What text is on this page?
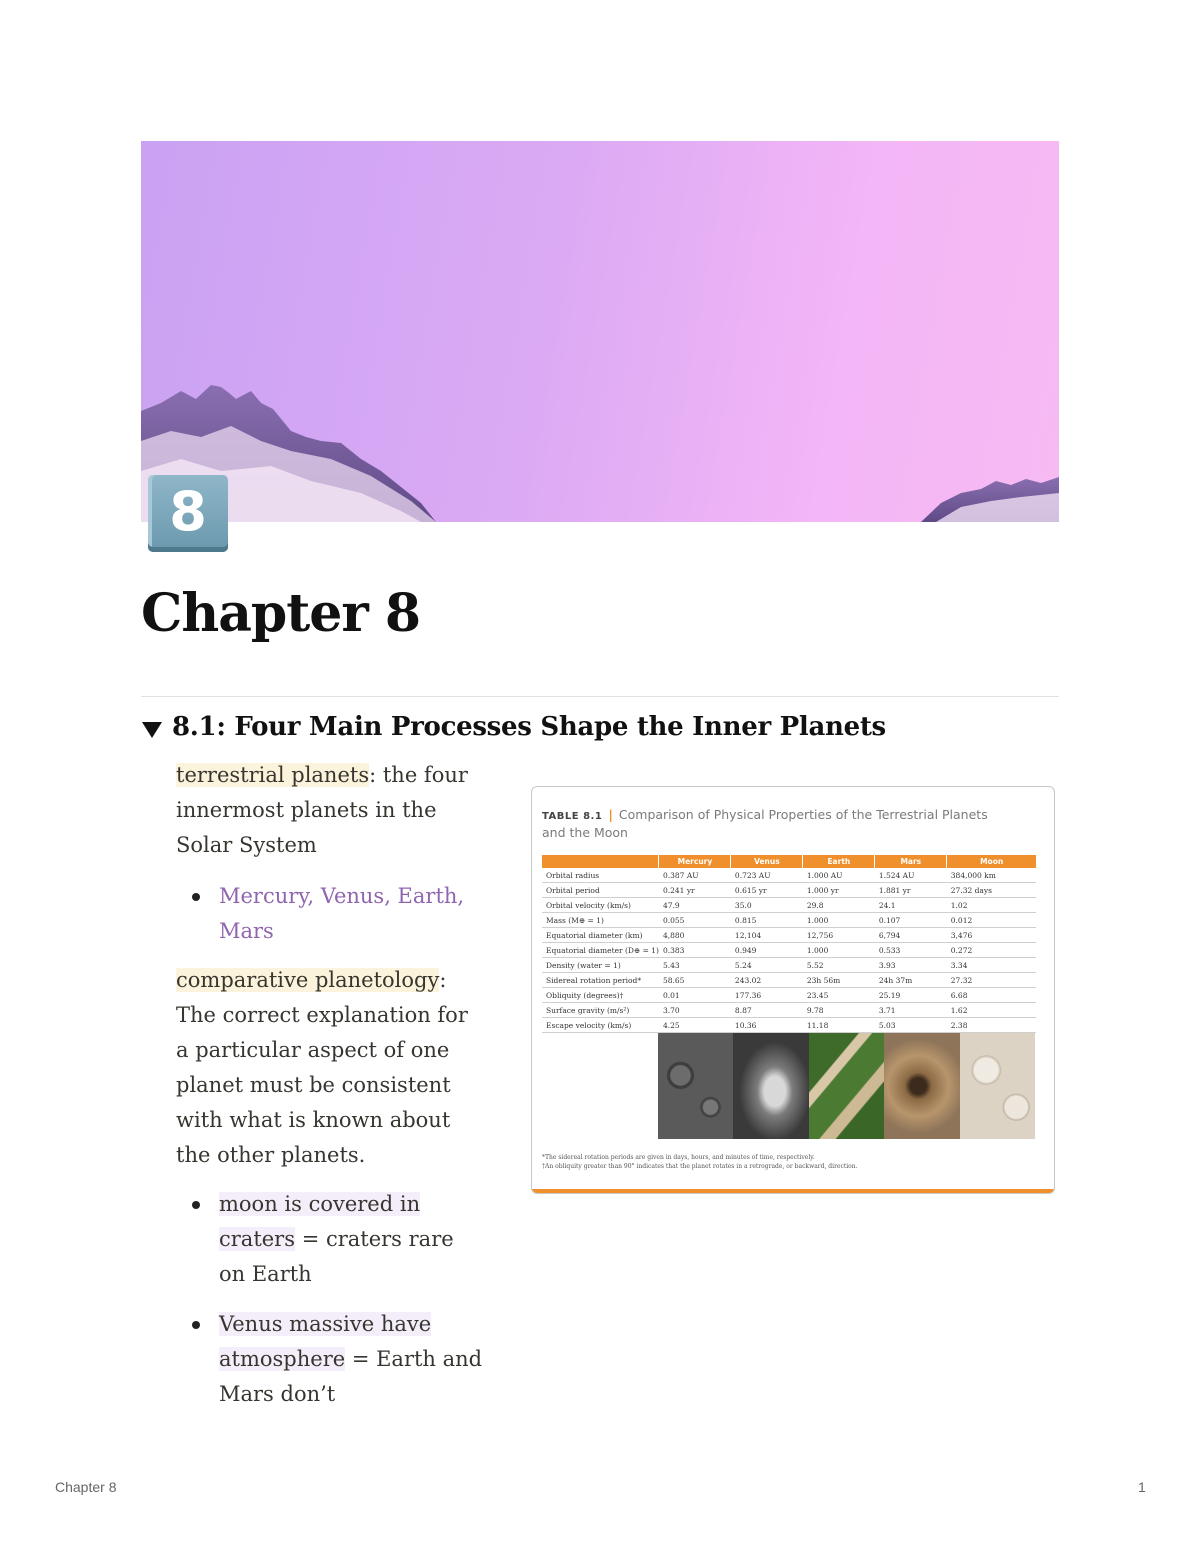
8
Chapter 8
8.1: Four Main Processes Shape the Inner Planets

terrestrial planets: the four innermost planets in the Solar System

Mercury, Venus, Earth, Mars

comparative planetology: The correct explanation for a particular aspect of one planet must be consistent with what is known about the other planets.

moon is covered in craters = craters rare on Earth
Venus massive have atmosphere = Earth and Mars don’t
TABLE 8.1 | Comparison of Physical Properties of the Terrestrial Planets and the Moon
	Mercury	Venus	Earth	Mars	Moon
Orbital radius	0.387 AU	0.723 AU	1.000 AU	1.524 AU	384,000 km
Orbital period	0.241 yr	0.615 yr	1.000 yr	1.881 yr	27.32 days
Orbital velocity (km/s)	47.9	35.0	29.8	24.1	1.02
Mass (M⊕ = 1)	0.055	0.815	1.000	0.107	0.012
Equatorial diameter (km)	4,880	12,104	12,756	6,794	3,476
Equatorial diameter (D⊕ = 1)	0.383	0.949	1.000	0.533	0.272
Density (water = 1)	5.43	5.24	5.52	3.93	3.34
Sidereal rotation period*	58.65	243.02	23h 56m	24h 37m	27.32
Obliquity (degrees)†	0.01	177.36	23.45	25.19	6.68
Surface gravity (m/s²)	3.70	8.87	9.78	3.71	1.62
Escape velocity (km/s)	4.25	10.36	11.18	5.03	2.38
*The sidereal rotation periods are given in days, hours, and minutes of time, respectively.
†An obliquity greater than 90° indicates that the planet rotates in a retrograde, or backward, direction.
Chapter 8	1
